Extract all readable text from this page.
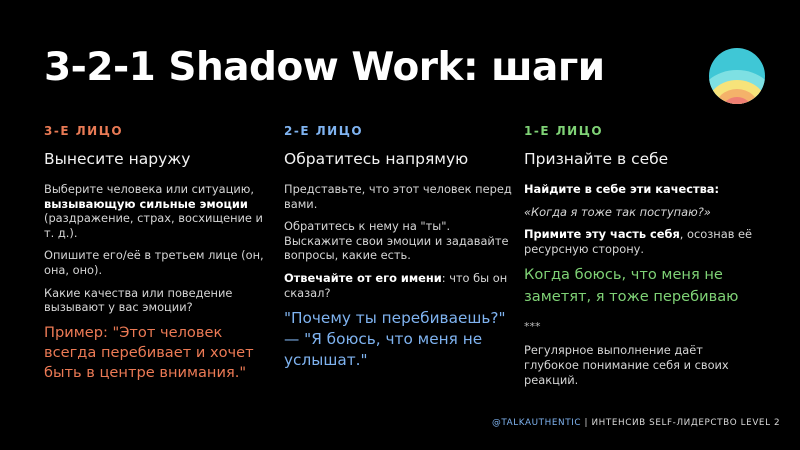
3-2-1 Shadow Work: шаги
3-Е ЛИЦО
Вынесите наружу
Выберите человека или ситуацию, вызывающую сильные эмоции (раздражение, страх, восхищение и т. д.).
Опишите его/её в третьем лице (он, она, оно).
Какие качества или поведение вызывают у вас эмоции?
Пример: "Этот человек всегда перебивает и хочет быть в центре внимания."
2-Е ЛИЦО
Обратитесь напрямую
Представьте, что этот человек перед вами.
Обратитесь к нему на "ты". Выскажите свои эмоции и задавайте вопросы, какие есть.
Отвечайте от его имени: что бы он сказал?
"Почему ты перебиваешь?" — "Я боюсь, что меня не услышат."
1-Е ЛИЦО
Признайте в себе
Найдите в себе эти качества:
«Когда я тоже так поступаю?»
Примите эту часть себя, осознав её ресурсную сторону.
Когда боюсь, что меня не заметят, я тоже перебиваю
***
Регулярное выполнение даёт глубокое понимание себя и своих реакций.
@TALKAUTHENTIC | ИНТЕНСИВ SELF-ЛИДЕРСТВО LEVEL 2
